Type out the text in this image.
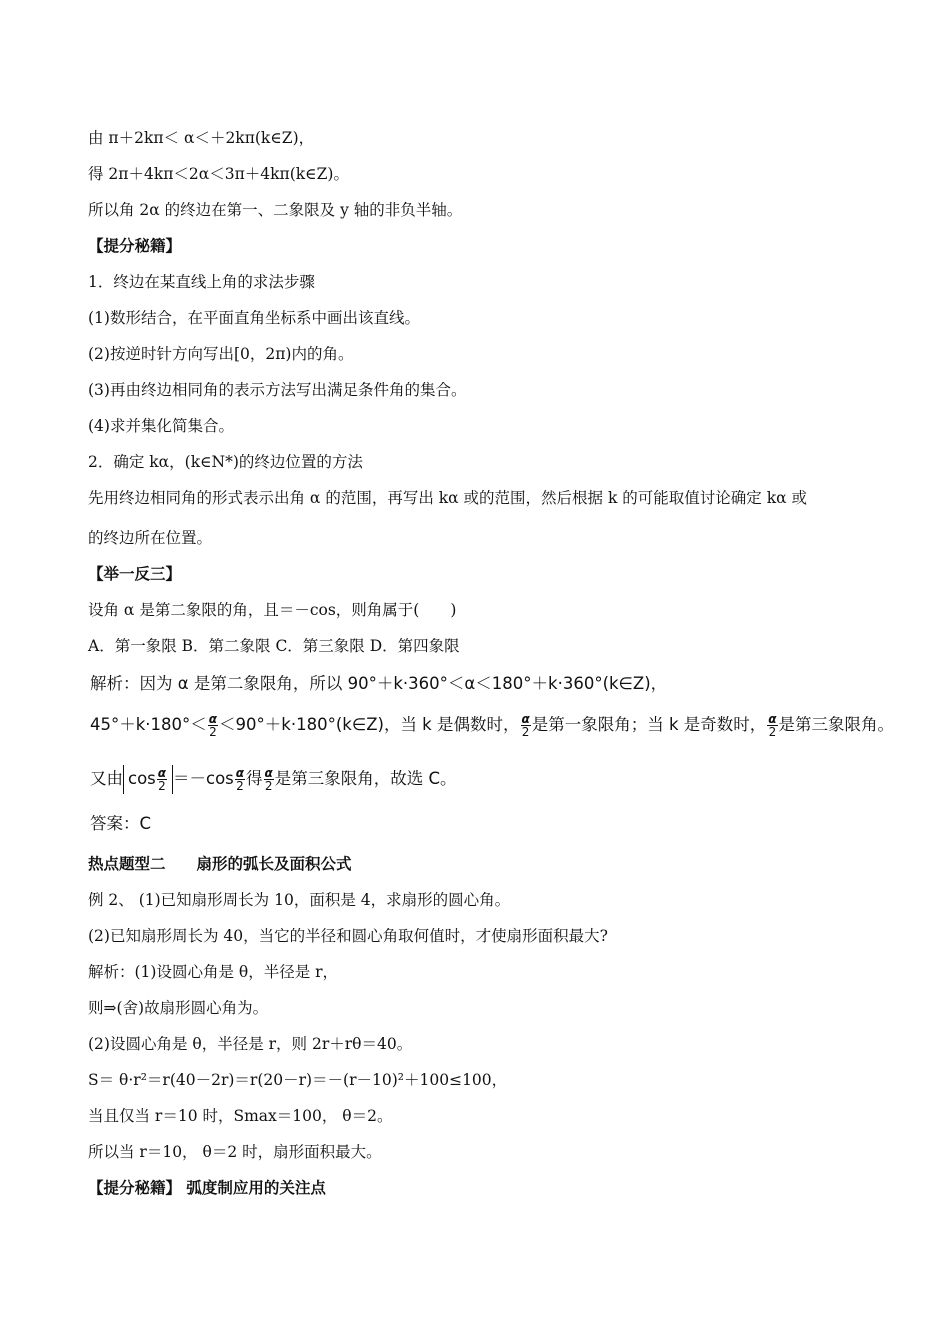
由 π＋2kπ＜ α＜＋2kπ(k∈Z)，
得 2π＋4kπ＜2α＜3π＋4kπ(k∈Z)。
所以角 2α 的终边在第一、二象限及 y 轴的非负半轴。
【提分秘籍】
1．终边在某直线上角的求法步骤
(1)数形结合，在平面直角坐标系中画出该直线。
(2)按逆时针方向写出[0，2π)内的角。
(3)再由终边相同角的表示方法写出满足条件角的集合。
(4)求并集化简集合。
2．确定 kα，(k∈N*)的终边位置的方法
先用终边相同角的形式表示出角 α 的范围，再写出 kα 或的范围，然后根据 k 的可能取值讨论确定 kα 或
的终边所在位置。
【举一反三】
设角 α 是第二象限的角，且＝－cos，则角属于(　　)
A．第一象限 B．第二象限 C．第三象限 D．第四象限
解析：因为 α 是第二象限角，所以 90°＋k·360°＜α＜180°＋k·360°(k∈Z)，
$45^\circ+k\cdot 180^\circ< \frac{\alpha}{2}$ ＜90°＋k·180°(k∈Z)，当 k 是偶数时， $\frac{\alpha}{2}$ 是第一象限角；当 k 是奇数时， $\frac{\alpha}{2}$ 是第三象限角。
又由 $\cos \frac{\alpha}{2} =-\cos \frac{\alpha}{2}$ 得 $\frac{\alpha}{2}$ 是第三象限角，故选 C。
答案：C
热点题型二　　扇形的弧长及面积公式
例 2、 (1)已知扇形周长为 10，面积是 4，求扇形的圆心角。
(2)已知扇形周长为 40，当它的半径和圆心角取何值时，才使扇形面积最大?
解析：(1)设圆心角是 θ，半径是 r，
则⇒(舍)故扇形圆心角为。
(2)设圆心角是 θ，半径是 r，则 2r＋rθ＝40。
S＝ θ·r²＝r(40－2r)＝r(20－r)＝－(r－10)²＋100≤100，
当且仅当 r＝10 时，Smax＝100， θ＝2。
所以当 r＝10， θ＝2 时，扇形面积最大。
【提分秘籍】 弧度制应用的关注点
